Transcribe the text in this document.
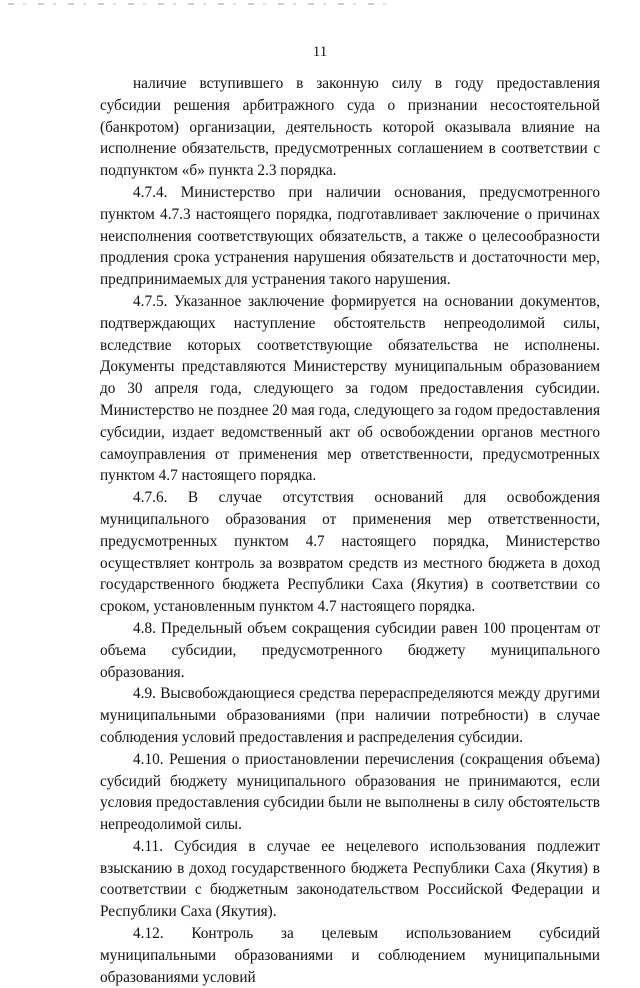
11

наличие вступившего в законную силу в году предоставления субсидии решения арбитражного суда о признании несостоятельной (банкротом) организации, деятельность которой оказывала влияние на исполнение обязательств, предусмотренных соглашением в соответствии с подпунктом «б» пункта 2.3 порядка.

4.7.4. Министерство при наличии основания, предусмотренного пунктом 4.7.3 настоящего порядка, подготавливает заключение о причинах неисполнения соответствующих обязательств, а также о целесообразности продления срока устранения нарушения обязательств и достаточности мер, предпринимаемых для устранения такого нарушения.

4.7.5. Указанное заключение формируется на основании документов, подтверждающих наступление обстоятельств непреодолимой силы, вследствие которых соответствующие обязательства не исполнены. Документы представляются Министерству муниципальным образованием до 30 апреля года, следующего за годом предоставления субсидии. Министерство не позднее 20 мая года, следующего за годом предоставления субсидии, издает ведомственный акт об освобождении органов местного самоуправления от применения мер ответственности, предусмотренных пунктом 4.7 настоящего порядка.

4.7.6. В случае отсутствия оснований для освобождения муниципального образования от применения мер ответственности, предусмотренных пунктом 4.7 настоящего порядка, Министерство осуществляет контроль за возвратом средств из местного бюджета в доход государственного бюджета Республики Саха (Якутия) в соответствии со сроком, установленным пунктом 4.7 настоящего порядка.

4.8. Предельный объем сокращения субсидии равен 100 процентам от объема субсидии, предусмотренного бюджету муниципального образования.

4.9. Высвобождающиеся средства перераспределяются между другими муниципальными образованиями (при наличии потребности) в случае соблюдения условий предоставления и распределения субсидии.

4.10. Решения о приостановлении перечисления (сокращения объема) субсидий бюджету муниципального образования не принимаются, если условия предоставления субсидии были не выполнены в силу обстоятельств непреодолимой силы.

4.11. Субсидия в случае ее нецелевого использования подлежит взысканию в доход государственного бюджета Республики Саха (Якутия) в соответствии с бюджетным законодательством Российской Федерации и Республики Саха (Якутия).

4.12. Контроль за целевым использованием субсидий муниципальными образованиями и соблюдением муниципальными образованиями условий
